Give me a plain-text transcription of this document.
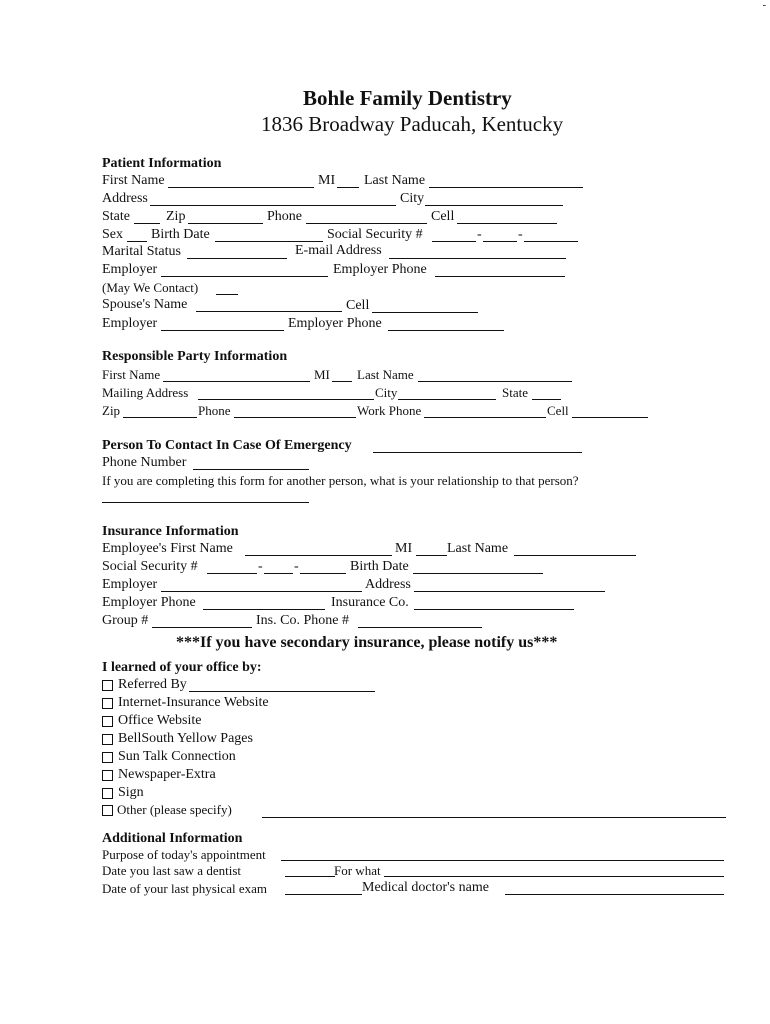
-
Bohle Family Dentistry
1836 Broadway Paducah, Kentucky
Patient Information
First Name	MI Last Name
Address	City
State	Zip	Phone	Cell
Sex Birth Date	Social Security #	-	-
Marital Status	E-mail Address
Employer	Employer Phone
(May We Contact)
Spouse's Name	Cell
Employer	Employer Phone
Responsible Party Information
First Name	MI Last Name
Mailing Address	City	State
Zip	Phone	Work Phone	Cell
Person To Contact In Case Of Emergency
Phone Number
If you are completing this form for another person, what is your relationship to that person?
Insurance Information
Employee's First Name	MI Last Name
Social Security #	- -	Birth Date
Employer	Address
Employer Phone	Insurance Co.
Group #	Ins. Co. Phone #
***If you have secondary insurance, please notify us***
I learned of your office by:
Referred By
Internet-Insurance Website
Office Website
BellSouth Yellow Pages
Sun Talk Connection
Newspaper-Extra
Sign
Other (please specify)
Additional Information
Purpose of today's appointment
Date you last saw a dentist	For what
Date of your last physical exam	Medical doctor's name
